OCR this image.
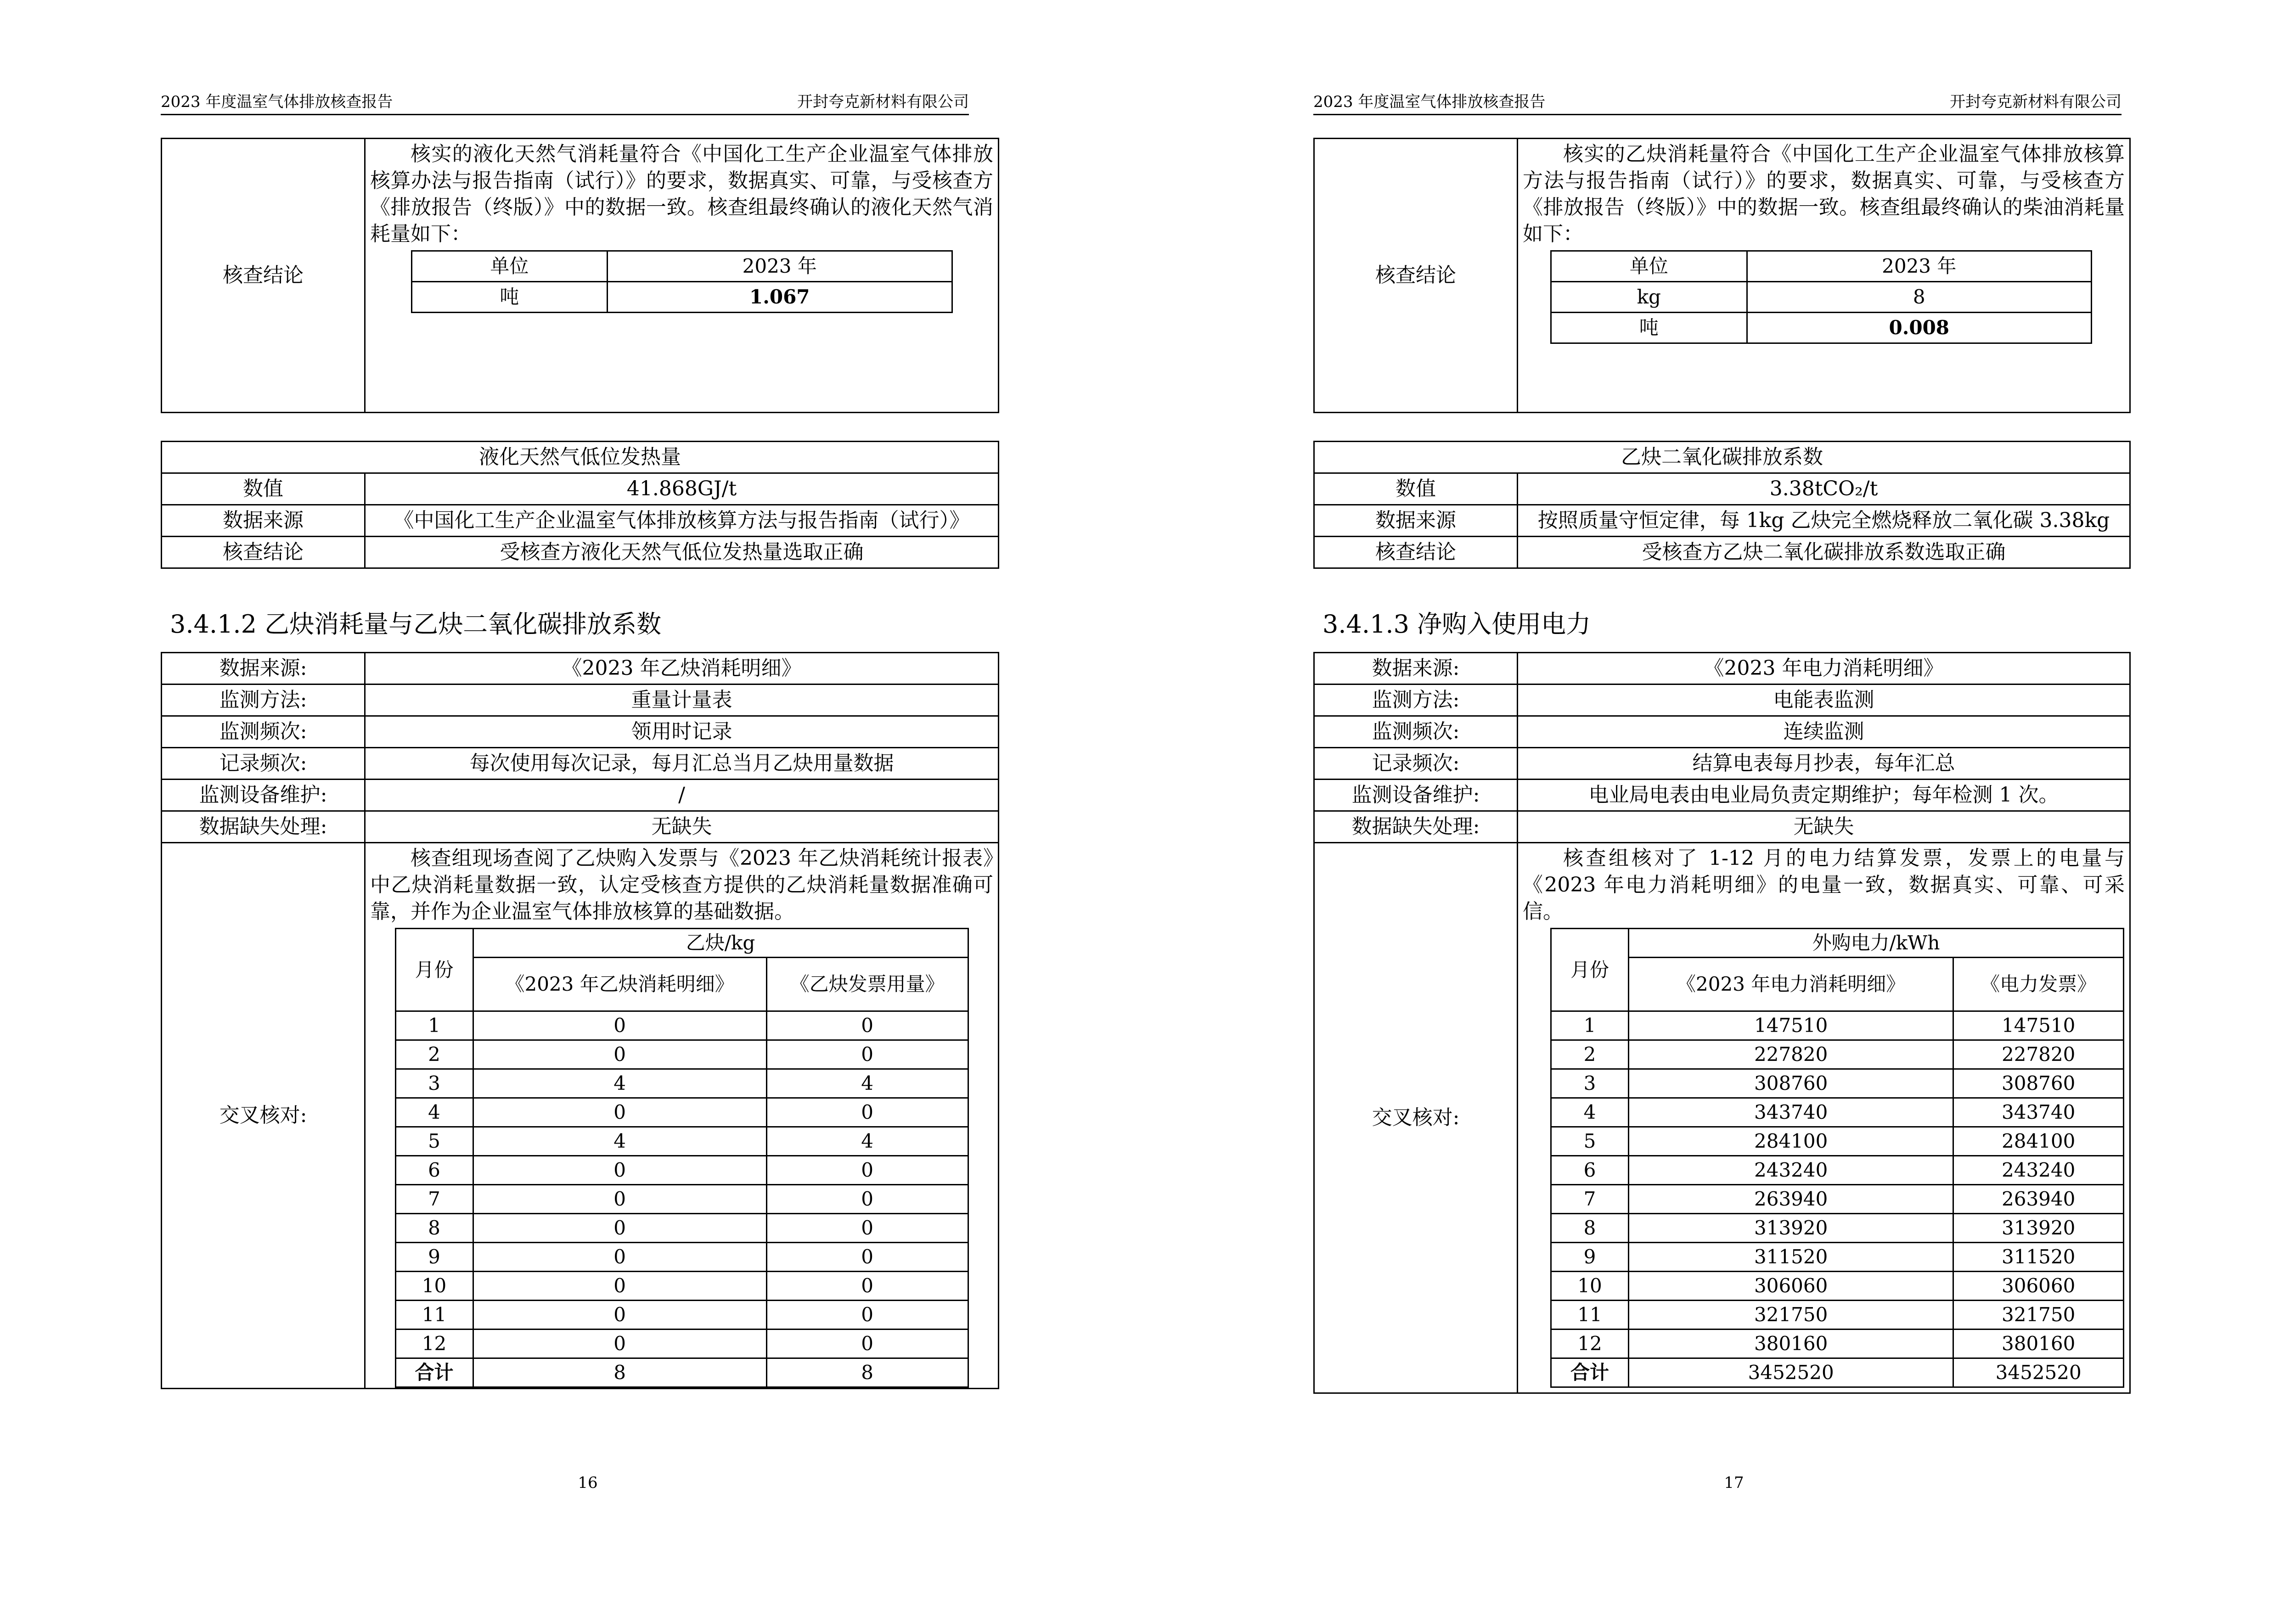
2023 年度温室气体排放核查报告	开封夸克新材料有限公司
核查结论	
核实的液化天然气消耗量符合《中国化工生产企业温室气体排放核算办法与报告指南（试行）》的要求，数据真实、可靠，与受核查方《排放报告（终版）》中的数据一致。核查组最终确认的液化天然气消耗量如下：
单位	2023 年
吨	1.067
液化天然气低位发热量	
数值	41.868GJ/t
数据来源	《中国化工生产企业温室气体排放核算方法与报告指南（试行）》
核查结论	受核查方液化天然气低位发热量选取正确
3.4.1.2 乙炔消耗量与乙炔二氧化碳排放系数
数据来源:	《2023 年乙炔消耗明细》
监测方法:	重量计量表
监测频次:	领用时记录
记录频次:	每次使用每次记录，每月汇总当月乙炔用量数据
监测设备维护:	/
数据缺失处理:	无缺失
交叉核对:	
核查组现场查阅了乙炔购入发票与《2023 年乙炔消耗统计报表》中乙炔消耗量数据一致，认定受核查方提供的乙炔消耗量数据准确可靠，并作为企业温室气体排放核算的基础数据。
月份	乙炔/kg
《2023 年乙炔消耗明细》	《乙炔发票用量》
1	0	0
2	0	0
3	4	4
4	0	0
5	4	4
6	0	0
7	0	0
8	0	0
9	0	0
10	0	0
11	0	0
12	0	0
合计	8	8
16
2023 年度温室气体排放核查报告	开封夸克新材料有限公司
核查结论	
核实的乙炔消耗量符合《中国化工生产企业温室气体排放核算方法与报告指南（试行）》的要求，数据真实、可靠，与受核查方《排放报告（终版）》中的数据一致。核查组最终确认的柴油消耗量如下：
单位	2023 年
kg	8
吨	0.008
乙炔二氧化碳排放系数	
数值	3.38tCO₂/t
数据来源	按照质量守恒定律，每 1kg 乙炔完全燃烧释放二氧化碳 3.38kg
核查结论	受核查方乙炔二氧化碳排放系数选取正确
3.4.1.3 净购入使用电力
数据来源:	《2023 年电力消耗明细》
监测方法:	电能表监测
监测频次:	连续监测
记录频次:	结算电表每月抄表，每年汇总
监测设备维护:	电业局电表由电业局负责定期维护；每年检测 1 次。
数据缺失处理:	无缺失
交叉核对:	
核查组核对了 1-12 月的电力结算发票，发票上的电量与《2023 年电力消耗明细》的电量一致，数据真实、可靠、可采信。
月份	外购电力/kWh
《2023 年电力消耗明细》	《电力发票》
1	147510	147510
2	227820	227820
3	308760	308760
4	343740	343740
5	284100	284100
6	243240	243240
7	263940	263940
8	313920	313920
9	311520	311520
10	306060	306060
11	321750	321750
12	380160	380160
合计	3452520	3452520
17
